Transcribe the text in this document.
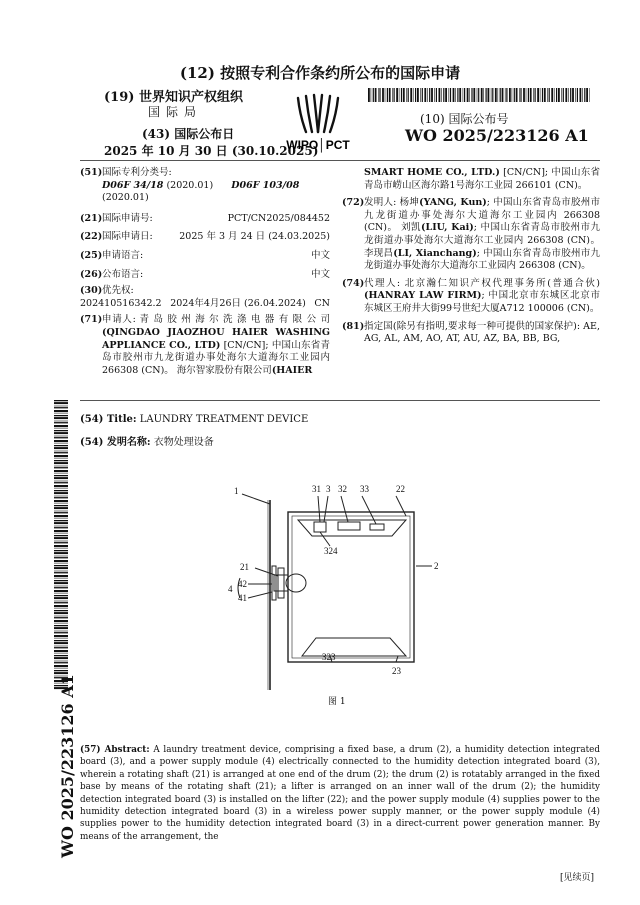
(12) 按照专利合作条约所公布的国际申请
(19) 世界知识产权组织
国际局
(43) 国际公布日
2025 年 10 月 30 日 (30.10.2025)
WIPO│PCT
(10) 国际公布号
WO 2025/223126 A1
(51) 国际专利分类号:
D06F 34/18 (2020.01) D06F 103/08 (2020.01)
(21) 国际申请号:	PCT/CN2025/084452
(22) 国际申请日:	2025 年 3 月 24 日 (24.03.2025)
(25) 申请语言:	中文
(26) 公布语言:	中文
(30) 优先权:
202410516342.2 2024年4月26日 (26.04.2024) CN
(71) 申请人: 青 岛 胶 州 海 尔 洗 涤 电 器 有 限 公 司 (QINGDAO JIAOZHOU HAIER WASHING APPLIANCE CO., LTD) [CN/CN]; 中国山东省青岛市胶州市九龙街道办事处海尔大道海尔工业园内 266308 (CN)。 海尔智家股份有限公司(HAIER
SMART HOME CO., LTD.) [CN/CN]; 中国山东省青岛市崂山区海尔路1号海尔工业园 266101 (CN)。
(72) 发明人: 杨坤(YANG, Kun); 中国山东省青岛市胶州市九龙街道办事处海尔大道海尔工业园内 266308 (CN)。 刘凯(LIU, Kai); 中国山东省青岛市胶州市九龙街道办事处海尔大道海尔工业园内 266308 (CN)。 李现昌(LI, Xianchang); 中国山东省青岛市胶州市九龙街道办事处海尔大道海尔工业园内 266308 (CN)。
(74) 代理人: 北京瀚仁知识产权代理事务所(普通合伙)(HANRAY LAW FIRM); 中国北京市东城区北京市东城区王府井大街99号世纪大厦A712 100006 (CN)。
(81) 指定国(除另有指明,要求每一种可提供的国家保护): AE, AG, AL, AM, AO, AT, AU, AZ, BA, BB, BG,
(54) Title: LAUNDRY TREATMENT DEVICE
(54) 发明名称: 衣物处理设备
1	31 3 32 33	22
324
21	2
4 42
41
323
23
图 1
(57) Abstract: A laundry treatment device, comprising a fixed base, a drum (2), a humidity detection integrated board (3), and a power supply module (4) electrically connected to the humidity detection integrated board (3), wherein a rotating shaft (21) is arranged at one end of the drum (2); the drum (2) is rotatably arranged in the fixed base by means of the rotating shaft (21); a lifter is arranged on an inner wall of the drum (2); the humidity detection integrated board (3) is installed on the lifter (22); and the power supply module (4) supplies power to the humidity detection integrated board (3) in a wireless power supply manner, or the power supply module (4) supplies power to the humidity detection integrated board (3) in a direct-current power generation manner. By means of the arrangement, the
WO 2025/223126 A1
[见续页]
